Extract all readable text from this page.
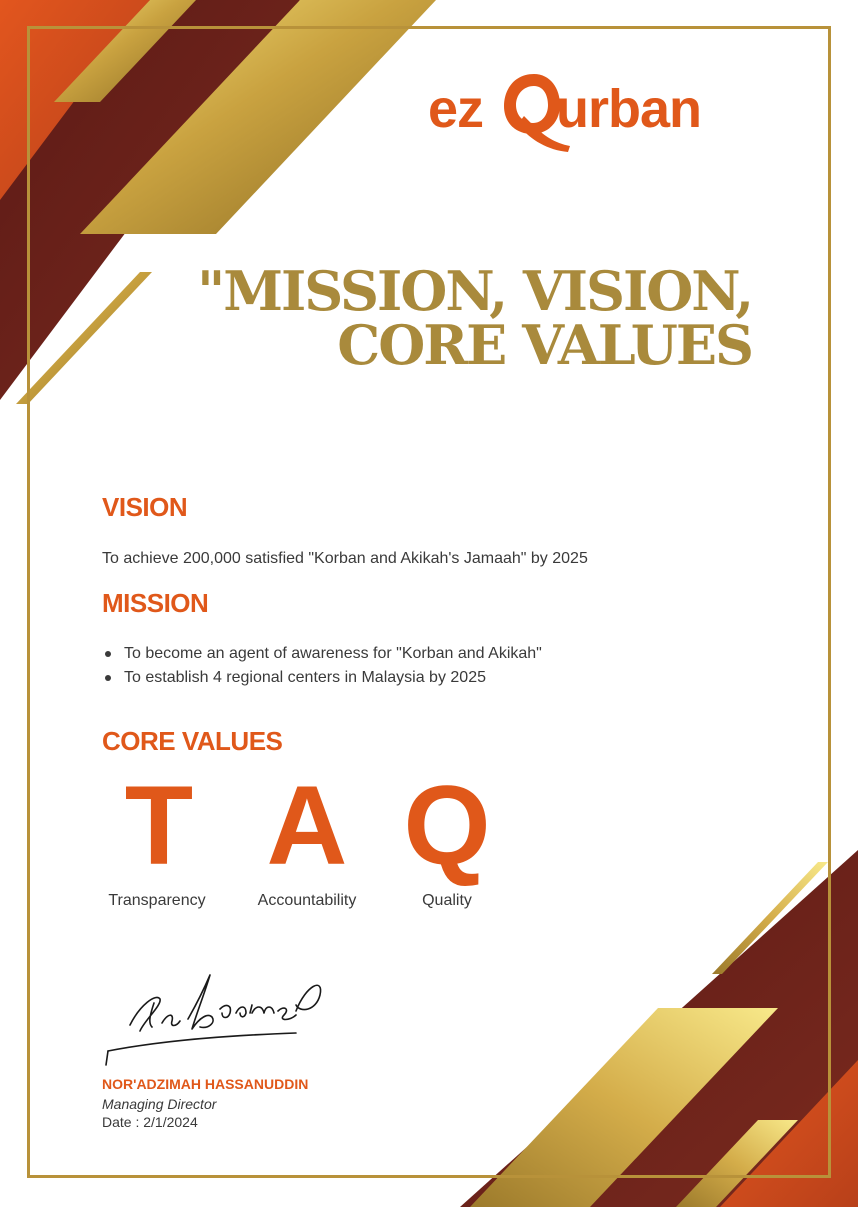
ez urban
"MISSION, VISION,
CORE VALUES
VISION
To achieve 200,000 satisfied "Korban and Akikah's Jamaah" by 2025
MISSION
To become an agent of awareness for "Korban and Akikah"
To establish 4 regional centers in Malaysia by 2025
CORE VALUES
T A Q
Transparency	Accountability	Quality
NOR'ADZIMAH HASSANUDDIN
Managing Director
Date : 2/1/2024
